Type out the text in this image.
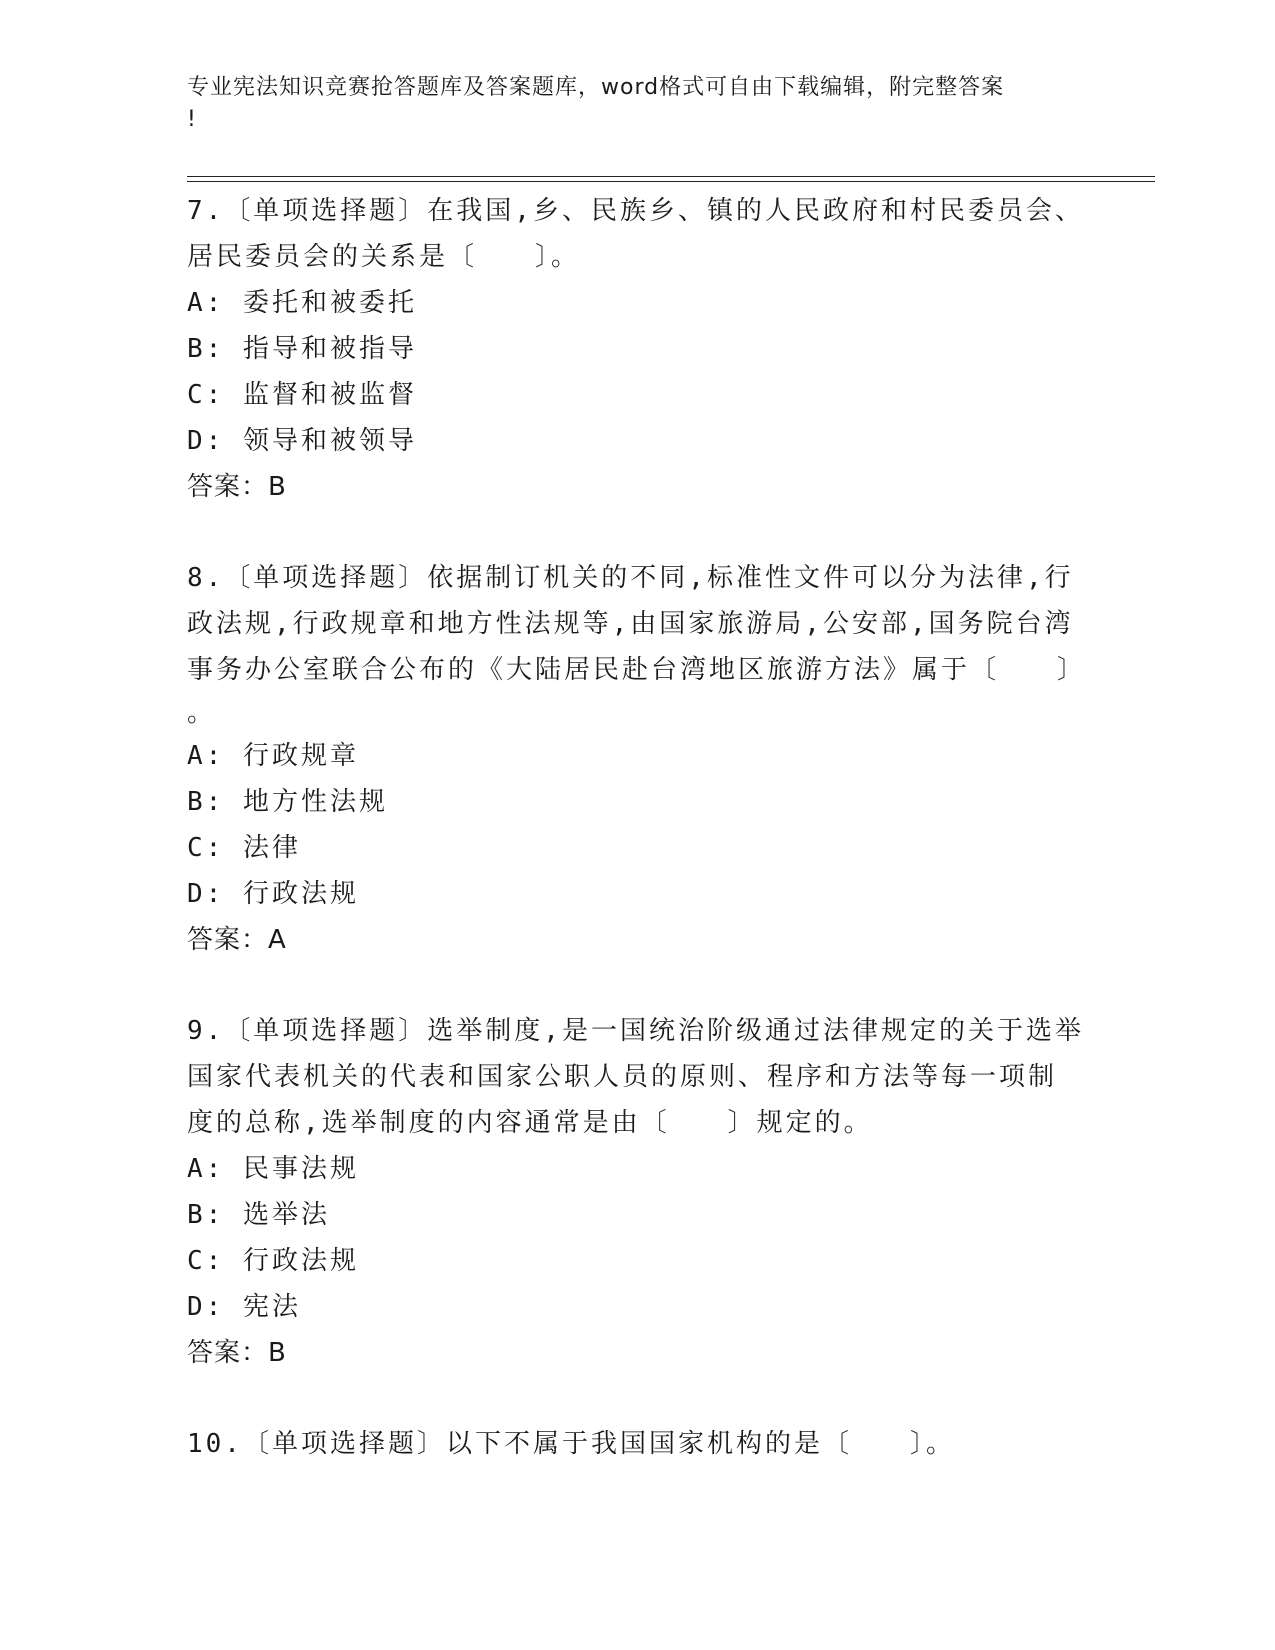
专业宪法知识竞赛抢答题库及答案题库，word格式可自由下载编辑，附完整答案
!

7.〔单项选择题〕在我国,乡、民族乡、镇的人民政府和村民委员会、

居民委员会的关系是〔　　〕。

A: 委托和被委托

B: 指导和被指导

C: 监督和被监督

D: 领导和被领导

答案：B

8.〔单项选择题〕依据制订机关的不同,标准性文件可以分为法律,行

政法规,行政规章和地方性法规等,由国家旅游局,公安部,国务院台湾

事务办公室联合公布的《大陆居民赴台湾地区旅游方法》属于〔　　〕

。

A: 行政规章

B: 地方性法规

C: 法律

D: 行政法规

答案：A

9.〔单项选择题〕选举制度,是一国统治阶级通过法律规定的关于选举

国家代表机关的代表和国家公职人员的原则、程序和方法等每一项制

度的总称,选举制度的内容通常是由〔　　〕规定的。

A: 民事法规

B: 选举法

C: 行政法规

D: 宪法

答案：B

10.〔单项选择题〕以下不属于我国国家机构的是〔　　〕。
